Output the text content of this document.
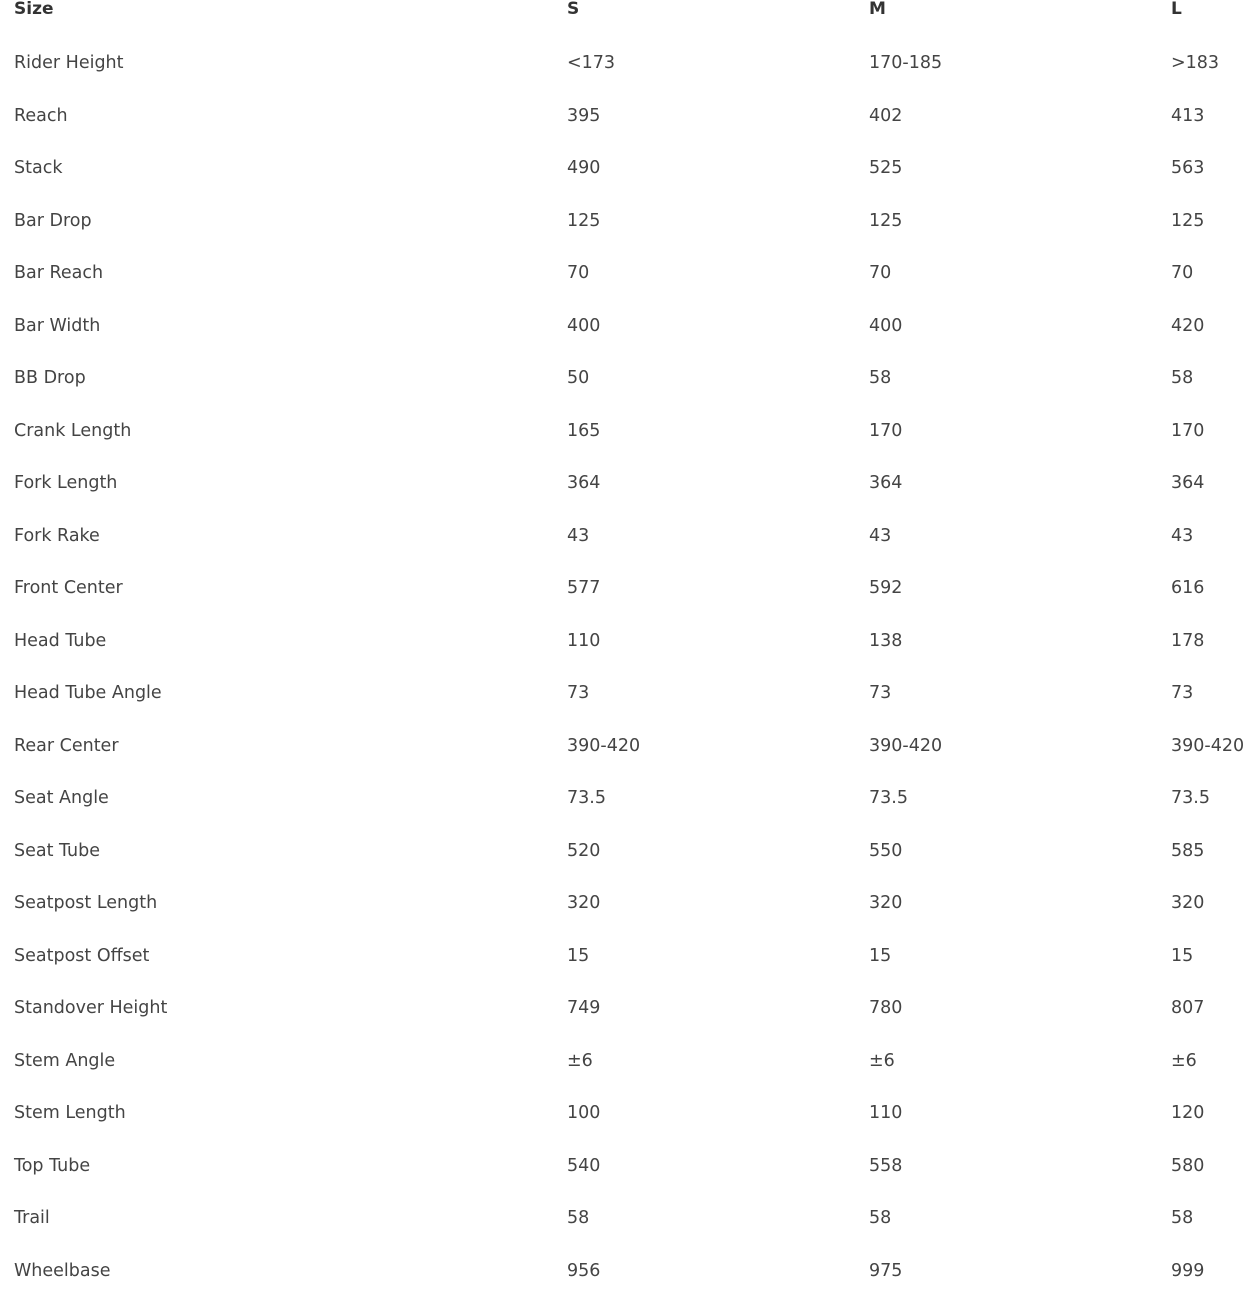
Size	S	M	L
Rider Height	<173	170-185	>183
Reach	395	402	413
Stack	490	525	563
Bar Drop	125	125	125
Bar Reach	70	70	70
Bar Width	400	400	420
BB Drop	50	58	58
Crank Length	165	170	170
Fork Length	364	364	364
Fork Rake	43	43	43
Front Center	577	592	616
Head Tube	110	138	178
Head Tube Angle	73	73	73
Rear Center	390-420	390-420	390-420
Seat Angle	73.5	73.5	73.5
Seat Tube	520	550	585
Seatpost Length	320	320	320
Seatpost Offset	15	15	15
Standover Height	749	780	807
Stem Angle	±6	±6	±6
Stem Length	100	110	120
Top Tube	540	558	580
Trail	58	58	58
Wheelbase	956	975	999
